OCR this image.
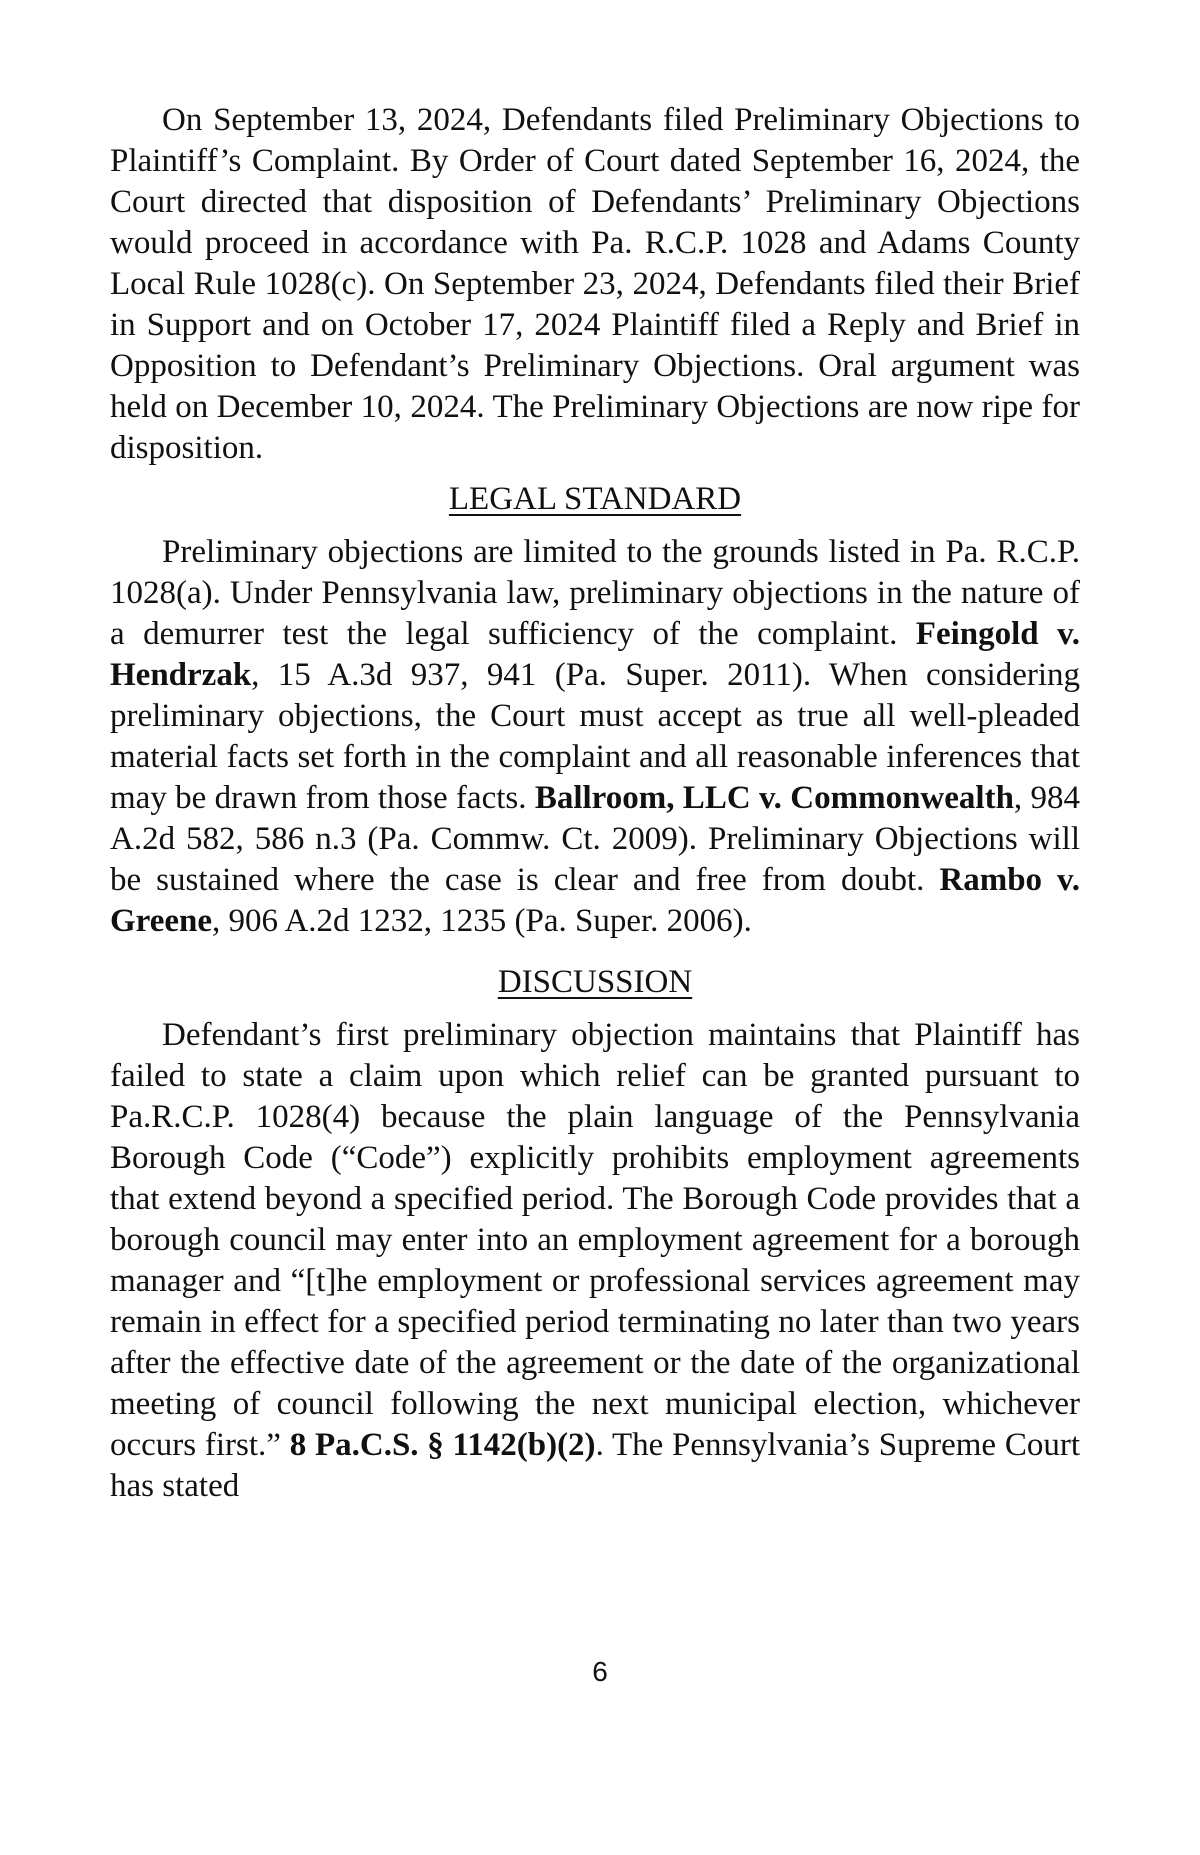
On September 13, 2024, Defendants filed Preliminary Objections to Plaintiff’s Complaint. By Order of Court dated September 16, 2024, the Court directed that disposition of Defendants’ Preliminary Objections would proceed in accordance with Pa. R.C.P. 1028 and Adams County Local Rule 1028(c). On September 23, 2024, Defendants filed their Brief in Support and on October 17, 2024 Plaintiff filed a Reply and Brief in Opposition to Defendant’s Preliminary Objections. Oral argument was held on December 10, 2024. The Preliminary Objections are now ripe for disposition.

LEGAL STANDARD

Preliminary objections are limited to the grounds listed in Pa. R.C.P. 1028(a). Under Pennsylvania law, preliminary objections in the nature of a demurrer test the legal sufficiency of the complaint. Feingold v. Hendrzak, 15 A.3d 937, 941 (Pa. Super. 2011). When considering preliminary objections, the Court must accept as true all well-pleaded material facts set forth in the complaint and all reasonable inferences that may be drawn from those facts. Ballroom, LLC v. Commonwealth, 984 A.2d 582, 586 n.3 (Pa. Commw. Ct. 2009). Preliminary Objections will be sustained where the case is clear and free from doubt. Rambo v. Greene, 906 A.2d 1232, 1235 (Pa. Super. 2006).

DISCUSSION

Defendant’s first preliminary objection maintains that Plaintiff has failed to state a claim upon which relief can be granted pursuant to Pa.R.C.P. 1028(4) because the plain language of the Pennsylvania Borough Code (“Code”) explicitly prohibits employment agreements that extend beyond a specified period. The Borough Code provides that a borough council may enter into an employment agreement for a borough manager and “[t]he employment or professional services agreement may remain in effect for a specified period terminating no later than two years after the effective date of the agreement or the date of the organizational meeting of council following the next municipal election, whichever occurs first.” 8 Pa.C.S. § 1142(b)(2). The Pennsylvania’s Supreme Court has stated

6
